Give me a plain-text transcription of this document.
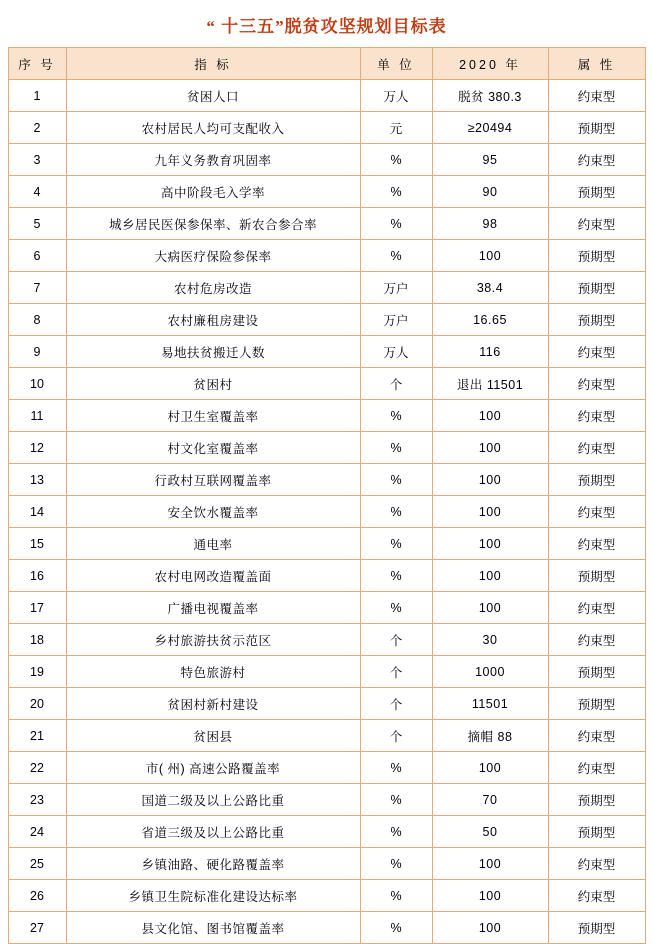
“ 十三五”脱贫攻坚规划目标表
序 号	指 标	单 位	2020 年	属 性
1	贫困人口	万人	脱贫 380.3	约束型
2	农村居民人均可支配收入	元	≥20494	预期型
3	九年义务教育巩固率	%	95	约束型
4	高中阶段毛入学率	%	90	预期型
5	城乡居民医保参保率、新农合参合率	%	98	约束型
6	大病医疗保险参保率	%	100	预期型
7	农村危房改造	万户	38.4	预期型
8	农村廉租房建设	万户	16.65	预期型
9	易地扶贫搬迁人数	万人	116	约束型
10	贫困村	个	退出 11501	约束型
11	村卫生室覆盖率	%	100	约束型
12	村文化室覆盖率	%	100	约束型
13	行政村互联网覆盖率	%	100	预期型
14	安全饮水覆盖率	%	100	约束型
15	通电率	%	100	约束型
16	农村电网改造覆盖面	%	100	预期型
17	广播电视覆盖率	%	100	约束型
18	乡村旅游扶贫示范区	个	30	约束型
19	特色旅游村	个	1000	预期型
20	贫困村新村建设	个	11501	预期型
21	贫困县	个	摘帽 88	约束型
22	市( 州) 高速公路覆盖率	%	100	约束型
23	国道二级及以上公路比重	%	70	预期型
24	省道三级及以上公路比重	%	50	预期型
25	乡镇油路、硬化路覆盖率	%	100	约束型
26	乡镇卫生院标准化建设达标率	%	100	约束型
27	县文化馆、图书馆覆盖率	%	100	预期型
